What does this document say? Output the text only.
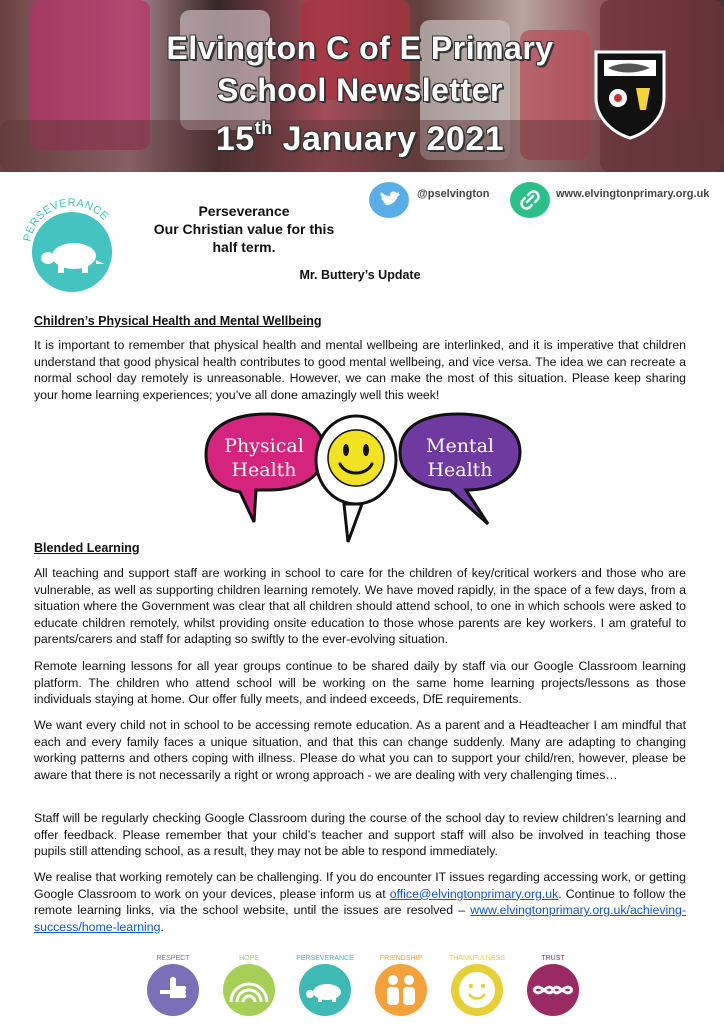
Elvington C of E Primary
School Newsletter
15th January 2021
PERSEVERANCE	Perseverance
Our Christian value for this
half term.
@pselvington	www.elvingtonprimary.org.uk
Mr. Buttery’s Update
Children’s Physical Health and Mental Wellbeing

It is important to remember that physical health and mental wellbeing are interlinked, and it is imperative that children understand that good physical health contributes to good mental wellbeing, and vice versa. The idea we can recreate a normal school day remotely is unreasonable. However, we can make the most of this situation. Please keep sharing your home learning experiences; you’ve all done amazingly well this week!

Physical
Health
Mental
Health
Blended Learning

All teaching and support staff are working in school to care for the children of key/critical workers and those who are vulnerable, as well as supporting children learning remotely. We have moved rapidly, in the space of a few days, from a situation where the Government was clear that all children should attend school, to one in which schools were asked to educate children remotely, whilst providing onsite education to those whose parents are key workers. I am grateful to parents/carers and staff for adapting so swiftly to the ever-evolving situation.

Remote learning lessons for all year groups continue to be shared daily by staff via our Google Classroom learning platform. The children who attend school will be working on the same home learning projects/lessons as those individuals staying at home. Our offer fully meets, and indeed exceeds, DfE requirements.

We want every child not in school to be accessing remote education. As a parent and a Headteacher I am mindful that each and every family faces a unique situation, and that this can change suddenly. Many are adapting to changing working patterns and others coping with illness. Please do what you can to support your child/ren, however, please be aware that there is not necessarily a right or wrong approach - we are dealing with very challenging times…

Staff will be regularly checking Google Classroom during the course of the school day to review children’s learning and offer feedback. Please remember that your child’s teacher and support staff will also be involved in teaching those pupils still attending school, as a result, they may not be able to respond immediately.

We realise that working remotely can be challenging. If you do encounter IT issues regarding accessing work, or getting Google Classroom to work on your devices, please inform us at office@elvingtonprimary.org.uk. Continue to follow the remote learning links, via the school website, until the issues are resolved – www.elvingtonprimary.org.uk/achieving-success/home-learning.

RESPECT	HOPE	PERSEVERANCE	FRIENDSHIP	THANKFULNESS	TRUST
